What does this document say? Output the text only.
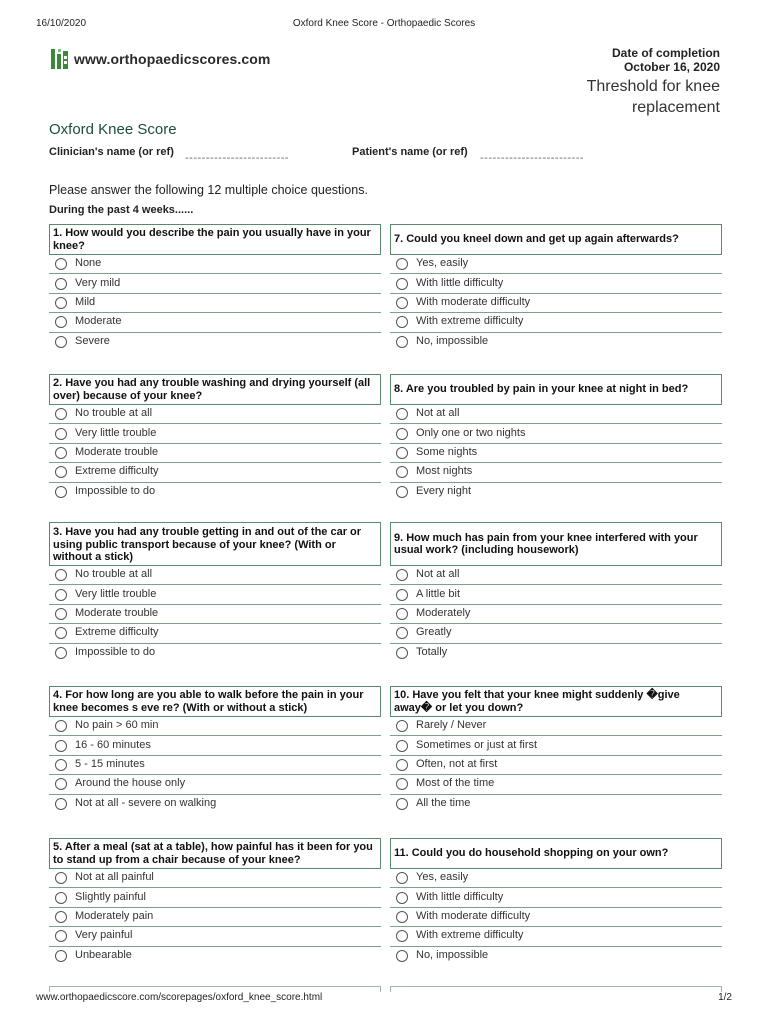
16/10/2020	Oxford Knee Score - Orthopaedic Scores
www.orthopaedicscores.com	Date of completion
October 16, 2020
Threshold for knee
replacement
Oxford Knee Score
Clinician's name (or ref) -------------------------	Patient's name (or ref) -------------------------
Please answer the following 12 multiple choice questions.
During the past 4 weeks......
1. How would you describe the pain you usually have in your knee?
None
Very mild
Mild
Moderate
Severe
2. Have you had any trouble washing and drying yourself (all over) because of your knee?
No trouble at all
Very little trouble
Moderate trouble
Extreme difficulty
Impossible to do
3. Have you had any trouble getting in and out of the car or using public transport because of your knee? (With or without a stick)
No trouble at all
Very little trouble
Moderate trouble
Extreme difficulty
Impossible to do
4. For how long are you able to walk before the pain in your knee becomes s eve re? (With or without a stick)
No pain > 60 min
16 - 60 minutes
5 - 15 minutes
Around the house only
Not at all - severe on walking
5. After a meal (sat at a table), how painful has it been for you to stand up from a chair because of your knee?
Not at all painful
Slightly painful
Moderately pain
Very painful
Unbearable
7. Could you kneel down and get up again afterwards?
Yes, easily
With little difficulty
With moderate difficulty
With extreme difficulty
No, impossible
8. Are you troubled by pain in your knee at night in bed?
Not at all
Only one or two nights
Some nights
Most nights
Every night
9. How much has pain from your knee interfered with your usual work? (including housework)
Not at all
A little bit
Moderately
Greatly
Totally
10. Have you felt that your knee might suddenly �give away� or let you down?
Rarely / Never
Sometimes or just at first
Often, not at first
Most of the time
All the time
11. Could you do household shopping on your own?
Yes, easily
With little difficulty
With moderate difficulty
With extreme difficulty
No, impossible
www.orthopaedicscore.com/scorepages/oxford_knee_score.html	1/2
